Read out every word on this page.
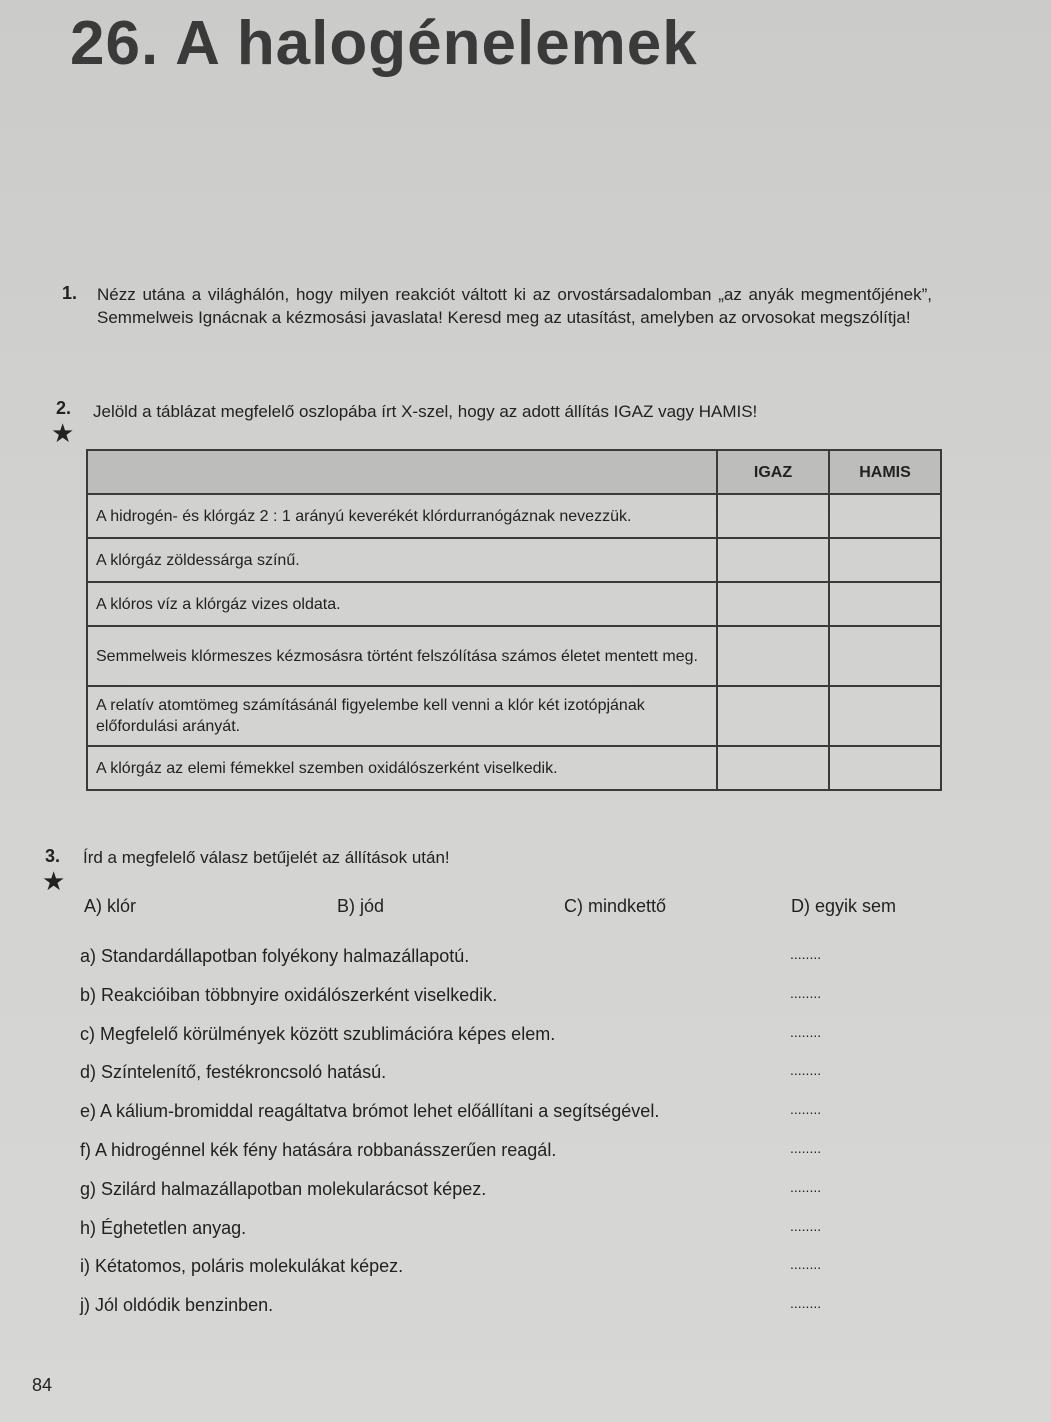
26. A halogénelemek
1. Nézz utána a világhálón, hogy milyen reakciót váltott ki az orvostársadalomban „az anyák megmentőjének”, Semmelweis Ignácnak a kézmosási javaslata! Keresd meg az utasítást, amelyben az orvosokat megszólítja!
2.
★
Jelöld a táblázat megfelelő oszlopába írt X-szel, hogy az adott állítás IGAZ vagy HAMIS!
	IGAZ	HAMIS
A hidrogén- és klórgáz 2 : 1 arányú keverékét klórdurranógáznak nevezzük.		
A klórgáz zöldessárga színű.		
A klóros víz a klórgáz vizes oldata.		
Semmelweis klórmeszes kézmosásra történt felszólítása számos életet mentett meg.		
A relatív atomtömeg számításánál figyelembe kell venni a klór két izotópjának előfordulási arányát.		
A klórgáz az elemi fémekkel szemben oxidálószerként viselkedik.		
3.
★
Írd a megfelelő válasz betűjelét az állítások után!
A) klór	B) jód	C) mindkettő	D) egyik sem
a) Standardállapotban folyékony halmazállapotú.	........
b) Reakcióiban többnyire oxidálószerként viselkedik.	........
c) Megfelelő körülmények között szublimációra képes elem.	........
d) Színtelenítő, festékroncsoló hatású.	........
e) A kálium-bromiddal reagáltatva brómot lehet előállítani a segítségével.	........
f) A hidrogénnel kék fény hatására robbanásszerűen reagál.	........
g) Szilárd halmazállapotban molekularácsot képez.	........
h) Éghetetlen anyag.	........
i) Kétatomos, poláris molekulákat képez.	........
j) Jól oldódik benzinben.	........
84
